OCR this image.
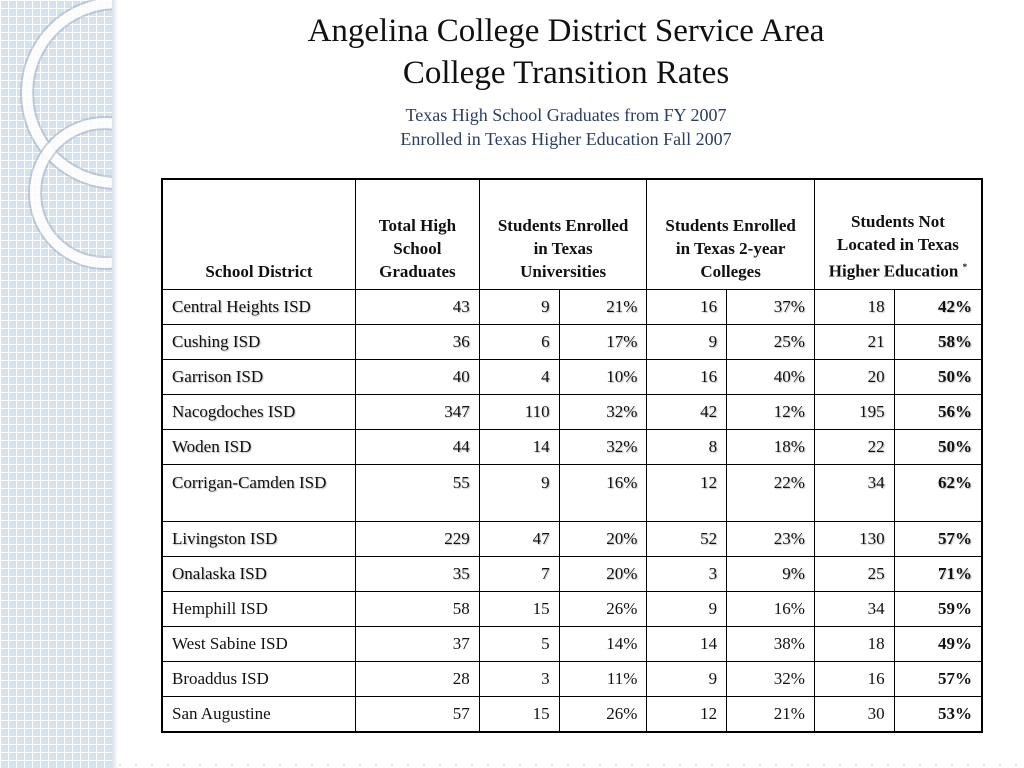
Angelina College District Service Area
College Transition Rates
Texas High School Graduates from FY 2007
Enrolled in Texas Higher Education Fall 2007
School District	Total High School Graduates	Students Enrolled in Texas Universities		Students Enrolled in Texas 2-year Colleges		Students Not Located in Texas Higher Education *
Central Heights ISD	43	9	21%	16	37%	18	42%
Cushing ISD	36	6	17%	9	25%	21	58%
Garrison ISD	40	4	10%	16	40%	20	50%
Nacogdoches ISD	347	110	32%	42	12%	195	56%
Woden ISD	44	14	32%	8	18%	22	50%
Corrigan-Camden ISD	55	9	16%	12	22%	34	62%
Livingston ISD	229	47	20%	52	23%	130	57%
Onalaska ISD	35	7	20%	3	9%	25	71%
Hemphill ISD	58	15	26%	9	16%	34	59%
West Sabine ISD	37	5	14%	14	38%	18	49%
Broaddus ISD	28	3	11%	9	32%	16	57%
San Augustine	57	15	26%	12	21%	30	53%
